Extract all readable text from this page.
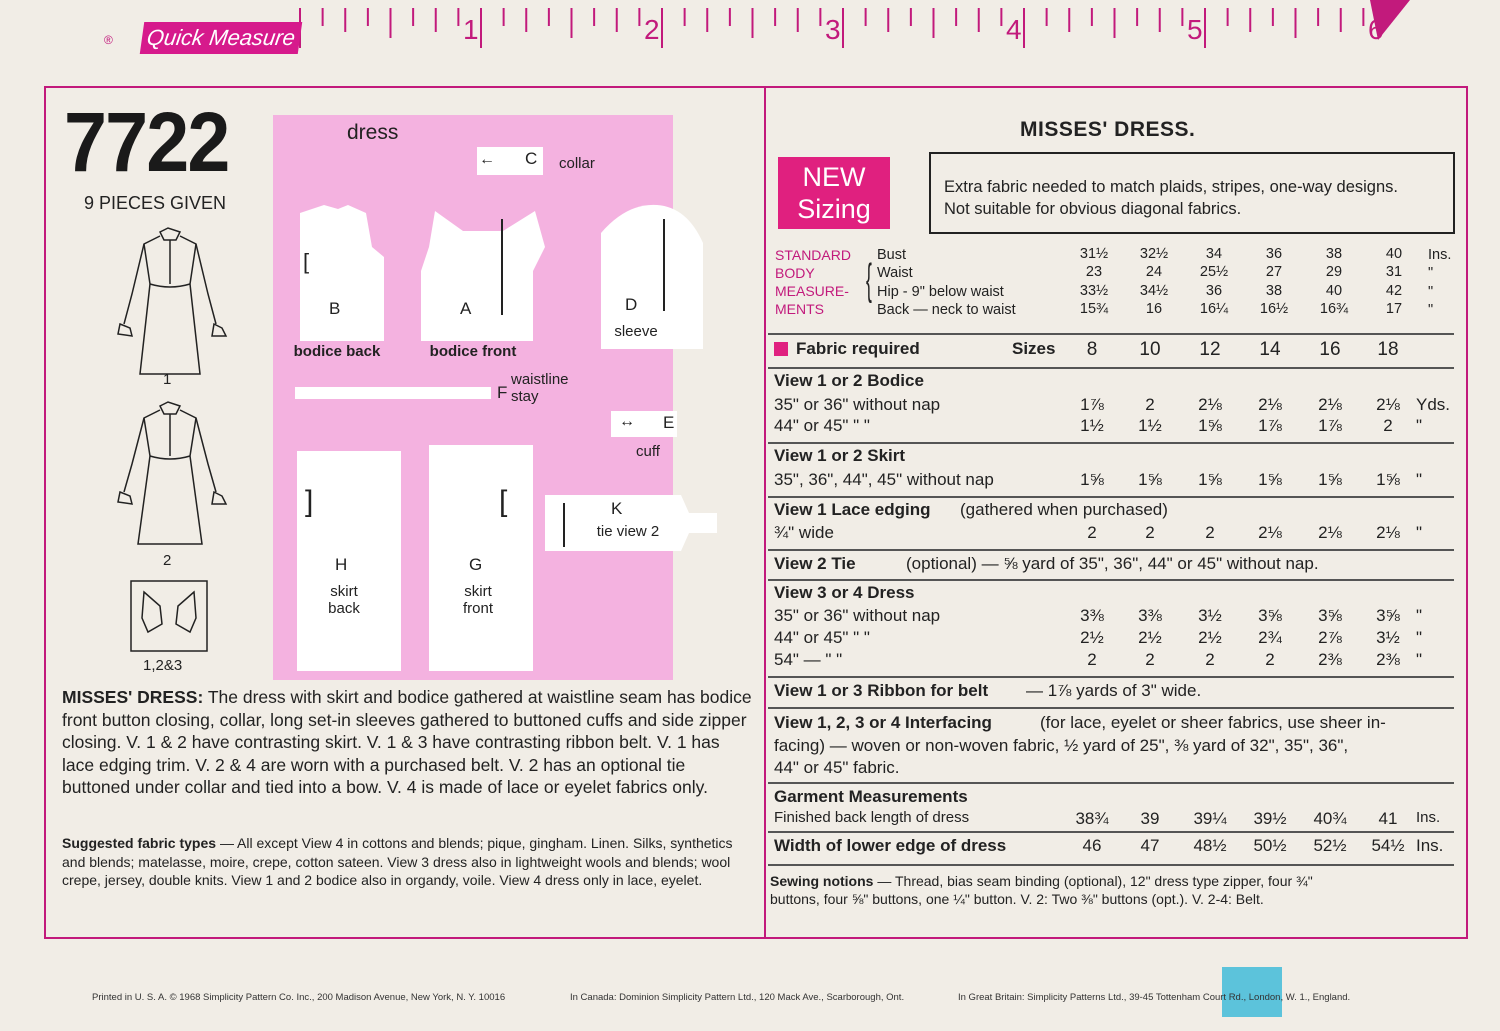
® Quick Measure	1	2	3	4	5	6
7722
9 PIECES GIVEN
1
2
1,2&3
dress
← C collar
B
[
bodice back
A
bodice front
D
sleeve
F
waistline
stay
↔ E
cuff
]
H
skirt
back
[
G
skirt
front
K
tie view 2
MISSES' DRESS: The dress with skirt and bodice gathered at waistline seam has bodice front button closing, collar, long set-in sleeves gathered to buttoned cuffs and side zipper closing. V. 1 & 2 have contrasting skirt. V. 1 & 3 have contrasting ribbon belt. V. 1 has lace edging trim. V. 2 & 4 are worn with a purchased belt. V. 2 has an optional tie buttoned under collar and tied into a bow. V. 4 is made of lace or eyelet fabrics only.
Suggested fabric types — All except View 4 in cottons and blends; pique, gingham. Linen. Silks, synthetics and blends; matelasse, moire, crepe, cotton sateen. View 3 dress also in lightweight wools and blends; wool crepe, jersey, double knits. View 1 and 2 bodice also in organdy, voile. View 4 dress only in lace, eyelet.
MISSES' DRESS.
NEW
Sizing
Extra fabric needed to match plaids, stripes, one-way designs.
Not suitable for obvious diagonal fabrics.
STANDARD
BODY
MEASURE-
MENTS
{ Bust	31½	32½	34	36	38	40	Ins.
Waist	23	24	25½	27	29	31	"
Hip - 9" below waist	33½	34½	36	38	40	42	"
Back — neck to waist	15¾	16	16¼	16½	16¾	17	"
Fabric required	Sizes	8	10	12	14	16	18
View 1 or 2 Bodice
35" or 36" without nap	1⅞	2	2⅛	2⅛	2⅛	2⅛ Yds.
44" or 45" " "	1½	1½	1⅝	1⅞	1⅞	2	"
View 1 or 2 Skirt
35", 36", 44", 45" without nap	1⅝	1⅝	1⅝	1⅝	1⅝	1⅝ "
View 1 Lace edging (gathered when purchased)
¾" wide	2	2	2	2⅛	2⅛	2⅛ "
View 2 Tie	(optional) — ⅝ yard of 35", 36", 44" or 45" without nap.
View 3 or 4 Dress
35" or 36" without nap	3⅜	3⅜	3½	3⅝	3⅝	3⅝ "
44" or 45" " "	2½	2½	2½	2¾	2⅞	3½ "
54" — " "	2	2	2	2	2⅜	2⅜ "
View 1 or 3 Ribbon for belt — 1⅞ yards of 3" wide.
View 1, 2, 3 or 4 Interfacing	(for lace, eyelet or sheer fabrics, use sheer in-
facing) — woven or non-woven fabric, ½ yard of 25", ⅜ yard of 32", 35", 36",
44" or 45" fabric.
Garment Measurements
Finished back length of dress	38¾	39	39¼	39½	40¾	41	Ins.
Width of lower edge of dress	46	47	48½	50½	52½	54½ Ins.
Sewing notions — Thread, bias seam binding (optional), 12" dress type zipper, four ¾"
buttons, four ⅝" buttons, one ¼" button. V. 2: Two ⅜" buttons (opt.). V. 2-4: Belt.
Printed in U. S. A. © 1968 Simplicity Pattern Co. Inc., 200 Madison Avenue, New York, N. Y. 10016	In Canada: Dominion Simplicity Pattern Ltd., 120 Mack Ave., Scarborough, Ont.	In Great Britain: Simplicity Patterns Ltd., 39-45 Tottenham Court Rd., London, W. 1., England.
